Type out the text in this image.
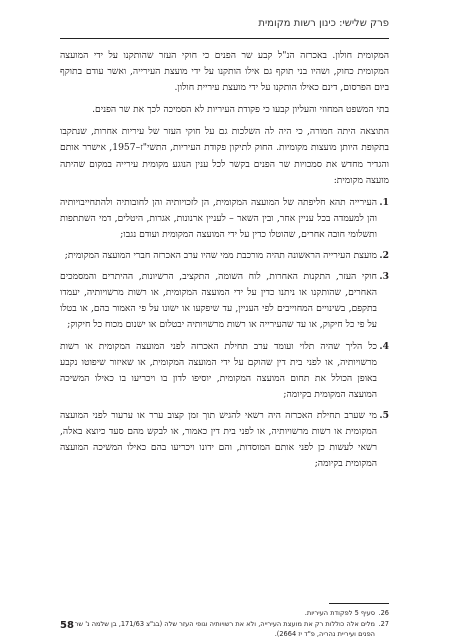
פרק שלישי: כינון רשות מקומית

המקומית חולון. באכרזה הנ"ל קבע שר הפנים כי חוקי העזר שהותקנו על ידי המועצה המקומית כחוק, ושהיו בני תוקף גם אילו הותקנו על ידי מועצת העירייה, ואשר עודם בתוקף ביום הפרסום, דינם כאילו הותקנו על ידי מועצת עיריית חולון.

בתי המשפט המחוזי והעליון קבעו כי פקודת העיריות לא הסמיכה לכך את שר הפנים.

התוצאה היתה חמורה, כי היה לה השלכות גם על חוקי העזר של עיריות אחרות, שנתקבו בתקופת היותן מועצות מקומיות. החוק לתיקון פקודת העיריות, התשי"ז–1957, אישרר אותם והגדיר מחדש את סמכויות שר הפנים בקשר לכל ענין הנוגע מקומית עירייה במקום שהיתה מועצה מקומית:

1.
העירייה תהא חליפתה של המועצה המקומית, הן לזכויותיה והן לחובותיה ולהתחייבויותיה והן למעמדה בכל עניין אחר, ובין השאר – לעניין ארנונות, אגרות, היטלים, דמי השתתפות ותשלומי חובה אחרים, שהוטלו כדין על ידי המועצה המקומית ועודם נגבו;
2.
מועצת העירייה הראשונה תהיה מורכבת ממי שהיו ערב האכרזה חברי המועצה המקומית;
3.
חוקי העזר, התקנות האחרות, לוח השומה, התקציב, הרשיונות, ההיתרים והמסמכים האחרים, שהותקנו או ניתנו כדין על ידי המועצה המקומית, או רשות מרשויותיה, יעמדו בתקפם, בשינויים המחוייבים לפי העניין, עד שיפקעו או ישונו על פי האמור בהם, או בטלו על פי כל חיקוק, או עד שהעירייה או רשות מרשויותיה יבטלום או ישנום מכוח כל חיקוק;
4.
כל הליך שהיה תלוי ועומד ערב תחילת האכרזה לפני המועצה המקומית או רשות מרשויותיה, או לפני בית דין שהוקם על ידי המועצה המקומית, או שאיזור שיפוטו נקבע באופן הכולל את תחום המועצה המקומית, יוסיפו לדון בו ויכריעו בו כאילו המשיכה המועצה המקומית בקיומה;
5.
מי שערב תחילת האכרזה היה רשאי להגיש תוך זמן קצוב ערר או ערעור לפני המועצה המקומית או רשות מרשויותיה, או לפני בית דין כאמור, או לבקש מהם סעד כיוצא באלה, רשאי לעשות כן לפני אותם המוסדות, והם ידונו ויכריעו בהם כאילו המשיכה המועצה המקומית בקיומה;
26.
סעיף 5 לפקודת העיריות.
27.
מלים אלה כוללות רק את מועצת העירייה, ולא את רשויותיה וגופי העזר שלה (בג"צ 171/63, בן שלמה נ' שר הפנים ועיריית נהריה, פ"ד יז 2664).
58
